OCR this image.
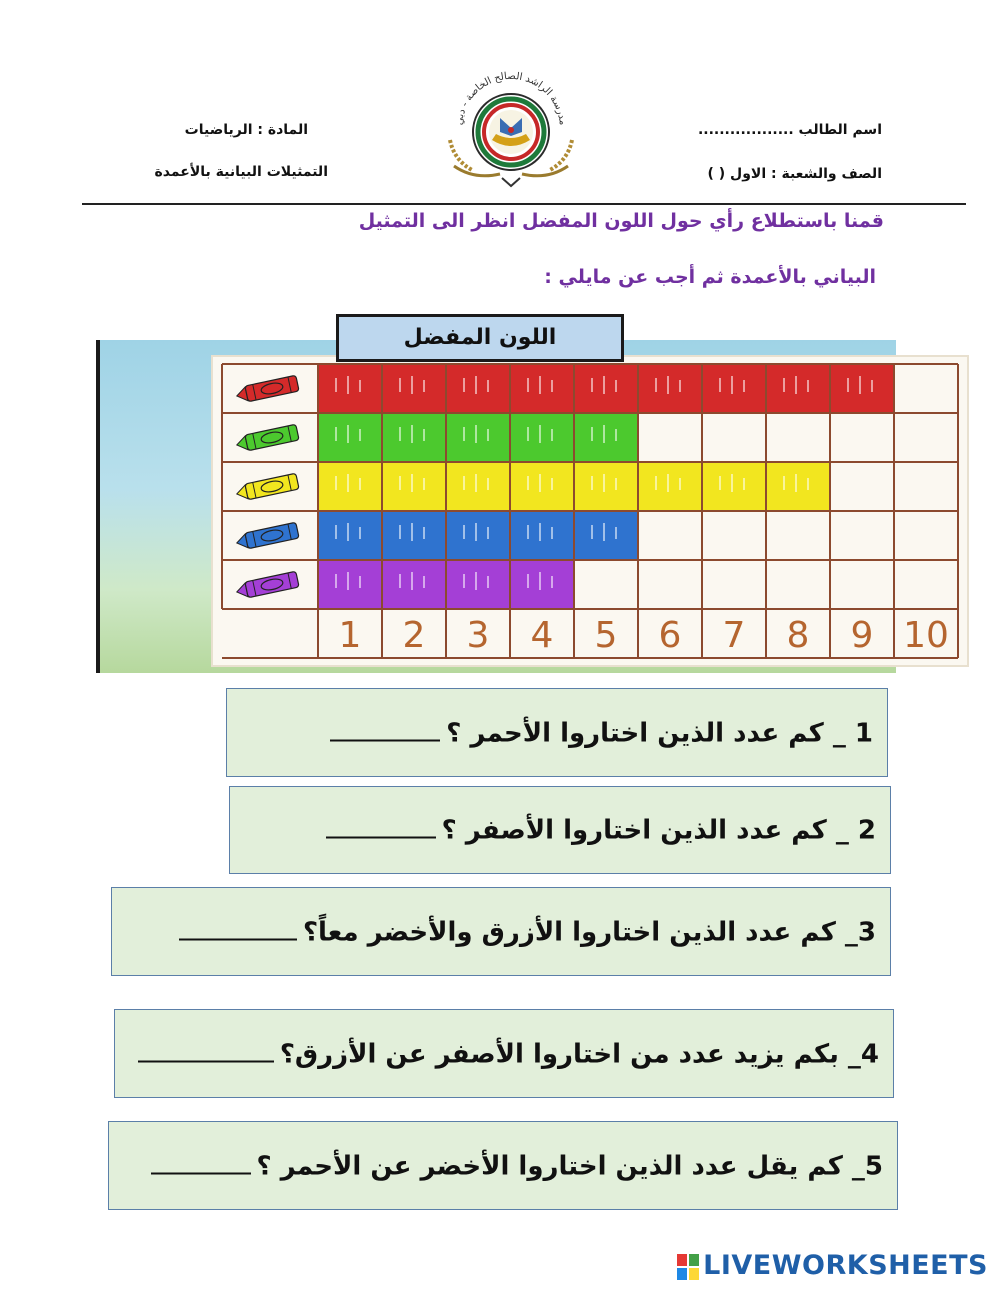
اسم الطالب ..................
الصف والشعبة : الاول ( )
المادة : الرياضيات
التمثيلات البيانية بالأعمدة
مدرسة الراشد الصالح الخاصة - دبي
قمنا باستطلاع رأي حول اللون المفضل انظر الى التمثيل
البياني بالأعمدة ثم أجب عن مايلي :
1 2 3 4 5 6 7 8 9 10
اللون المفضل
1 _ كم عدد الذين اختاروا الأحمر ؟
2 _ كم عدد الذين اختاروا الأصفر ؟
3_ كم عدد الذين اختاروا الأزرق والأخضر معاً؟
4_ بكم يزيد عدد من اختاروا الأصفر عن الأزرق؟
5_ كم يقل عدد الذين اختاروا الأخضر عن الأحمر ؟
LIVEWORKSHEETS
